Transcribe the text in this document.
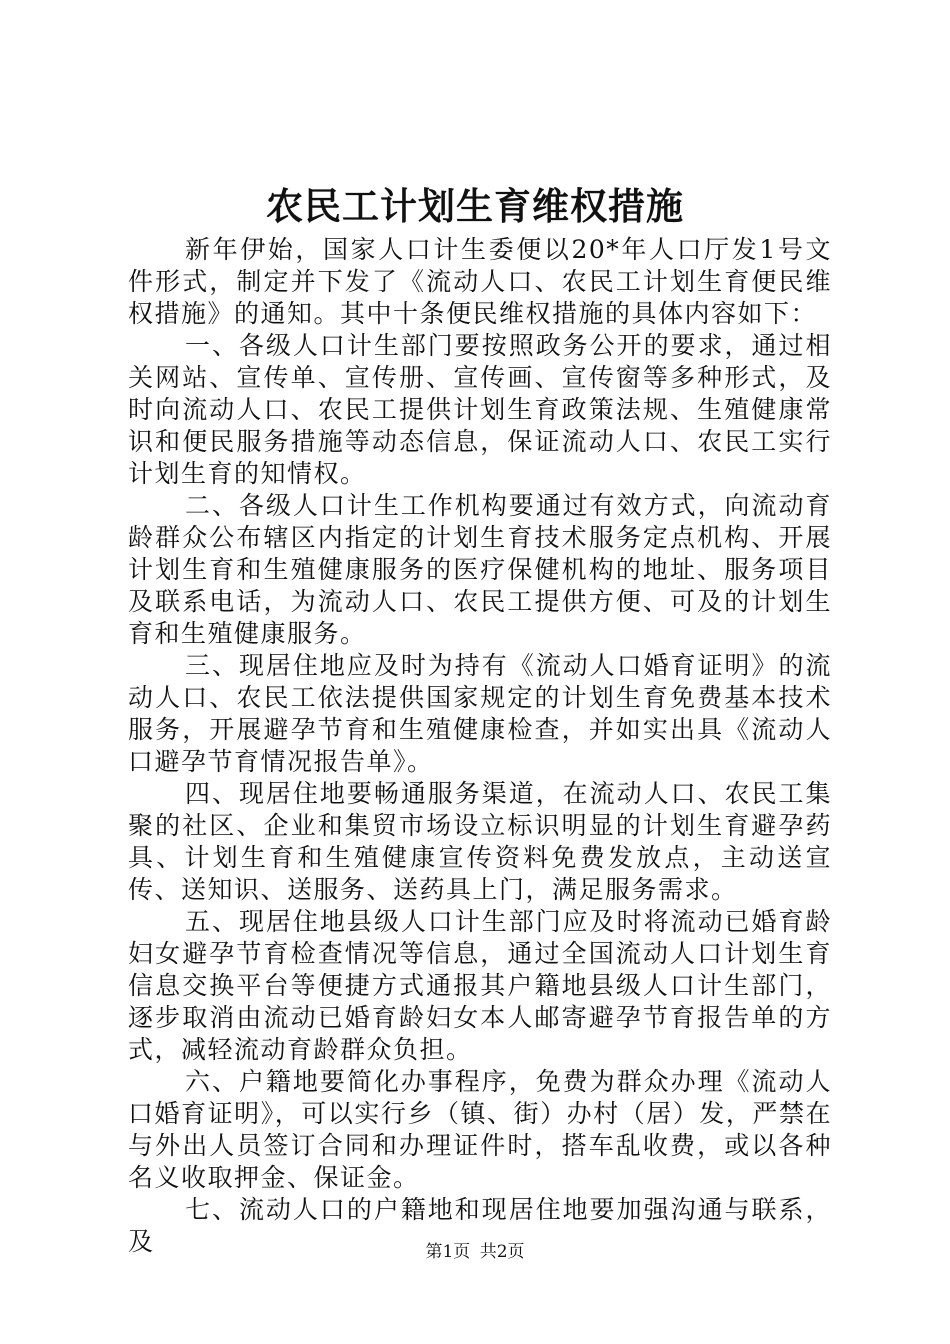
农民工计划生育维权措施

新年伊始，国家人口计生委便以20*年人口厅发1号文件形式，制定并下发了《流动人口、农民工计划生育便民维权措施》的通知。其中十条便民维权措施的具体内容如下：

一、各级人口计生部门要按照政务公开的要求，通过相关网站、宣传单、宣传册、宣传画、宣传窗等多种形式，及时向流动人口、农民工提供计划生育政策法规、生殖健康常识和便民服务措施等动态信息，保证流动人口、农民工实行计划生育的知情权。

二、各级人口计生工作机构要通过有效方式，向流动育龄群众公布辖区内指定的计划生育技术服务定点机构、开展计划生育和生殖健康服务的医疗保健机构的地址、服务项目及联系电话，为流动人口、农民工提供方便、可及的计划生育和生殖健康服务。

三、现居住地应及时为持有《流动人口婚育证明》的流动人口、农民工依法提供国家规定的计划生育免费基本技术服务，开展避孕节育和生殖健康检查，并如实出具《流动人口避孕节育情况报告单》。

四、现居住地要畅通服务渠道，在流动人口、农民工集聚的社区、企业和集贸市场设立标识明显的计划生育避孕药具、计划生育和生殖健康宣传资料免费发放点，主动送宣传、送知识、送服务、送药具上门，满足服务需求。

五、现居住地县级人口计生部门应及时将流动已婚育龄妇女避孕节育检查情况等信息，通过全国流动人口计划生育信息交换平台等便捷方式通报其户籍地县级人口计生部门，逐步取消由流动已婚育龄妇女本人邮寄避孕节育报告单的方式，减轻流动育龄群众负担。

六、户籍地要简化办事程序，免费为群众办理《流动人口婚育证明》，可以实行乡（镇、街）办村（居）发，严禁在与外出人员签订合同和办理证件时，搭车乱收费，或以各种名义收取押金、保证金。

七、流动人口的户籍地和现居住地要加强沟通与联系，及	第1页 共2页
